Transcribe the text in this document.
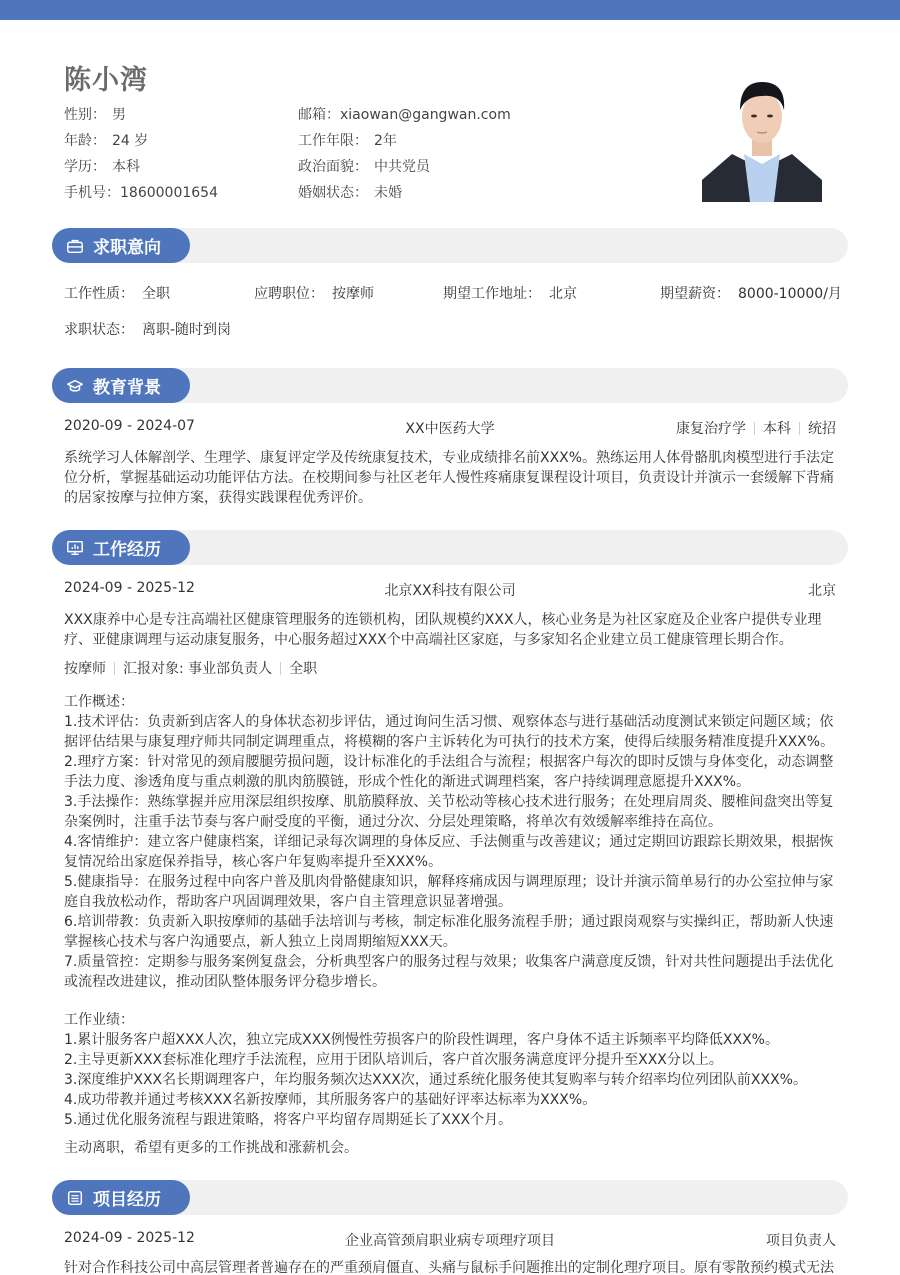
陈小湾
性别： 男
年龄： 24 岁
学历： 本科
手机号：18600001654
邮箱：xiaowan@gangwan.com
工作年限： 2年
政治面貌： 中共党员
婚姻状态： 未婚
求职意向
工作性质： 全职	应聘职位： 按摩师	期望工作地址： 北京	期望薪资： 8000-10000/月
求职状态： 离职-随时到岗
教育背景
2020-09 - 2024-07	XX中医药大学	康复治疗学 本科 统招
系统学习人体解剖学、生理学、康复评定学及传统康复技术，专业成绩排名前XXX%。熟练运用人体骨骼肌肉模型进行手法定位分析，掌握基础运动功能评估方法。在校期间参与社区老年人慢性疼痛康复课程设计项目，负责设计并演示一套缓解下背痛的居家按摩与拉伸方案，获得实践课程优秀评价。
工作经历
2024-09 - 2025-12	北京XX科技有限公司	北京
XXX康养中心是专注高端社区健康管理服务的连锁机构，团队规模约XXX人，核心业务是为社区家庭及企业客户提供专业理疗、亚健康调理与运动康复服务，中心服务超过XXX个中高端社区家庭，与多家知名企业建立员工健康管理长期合作。
按摩师 汇报对象: 事业部负责人 全职

工作概述：

1.技术评估：负责新到店客人的身体状态初步评估，通过询问生活习惯、观察体态与进行基础活动度测试来锁定问题区域；依据评估结果与康复理疗师共同制定调理重点，将模糊的客户主诉转化为可执行的技术方案，使得后续服务精准度提升XXX%。

2.理疗方案：针对常见的颈肩腰腿劳损问题，设计标准化的手法组合与流程；根据客户每次的即时反馈与身体变化，动态调整手法力度、渗透角度与重点刺激的肌肉筋膜链，形成个性化的渐进式调理档案，客户持续调理意愿提升XXX%。

3.手法操作：熟练掌握并应用深层组织按摩、肌筋膜释放、关节松动等核心技术进行服务；在处理肩周炎、腰椎间盘突出等复杂案例时，注重手法节奏与客户耐受度的平衡，通过分次、分层处理策略，将单次有效缓解率维持在高位。

4.客情维护：建立客户健康档案，详细记录每次调理的身体反应、手法侧重与改善建议；通过定期回访跟踪长期效果，根据恢复情况给出家庭保养指导，核心客户年复购率提升至XXX%。

5.健康指导：在服务过程中向客户普及肌肉骨骼健康知识，解释疼痛成因与调理原理；设计并演示简单易行的办公室拉伸与家庭自我放松动作，帮助客户巩固调理效果，客户自主管理意识显著增强。

6.培训带教：负责新入职按摩师的基础手法培训与考核，制定标准化服务流程手册；通过跟岗观察与实操纠正，帮助新人快速掌握核心技术与客户沟通要点，新人独立上岗周期缩短XXX天。

7.质量管控：定期参与服务案例复盘会，分析典型客户的服务过程与效果；收集客户满意度反馈，针对共性问题提出手法优化或流程改进建议，推动团队整体服务评分稳步增长。

工作业绩：

1.累计服务客户超XXX人次，独立完成XXX例慢性劳损客户的阶段性调理，客户身体不适主诉频率平均降低XXX%。

2.主导更新XXX套标准化理疗手法流程，应用于团队培训后，客户首次服务满意度评分提升至XXX分以上。

3.深度维护XXX名长期调理客户，年均服务频次达XXX次，通过系统化服务使其复购率与转介绍率均位列团队前XXX%。

4.成功带教并通过考核XXX名新按摩师，其所服务客户的基础好评率达标率为XXX%。

5.通过优化服务流程与跟进策略，将客户平均留存周期延长了XXX个月。

主动离职，希望有更多的工作挑战和涨薪机会。
项目经历
2024-09 - 2025-12	企业高管颈肩职业病专项理疗项目	项目负责人
针对合作科技公司中高层管理者普遍存在的严重颈肩僵直、头痛与鼠标手问题推出的定制化理疗项目。原有零散预约模式无法
